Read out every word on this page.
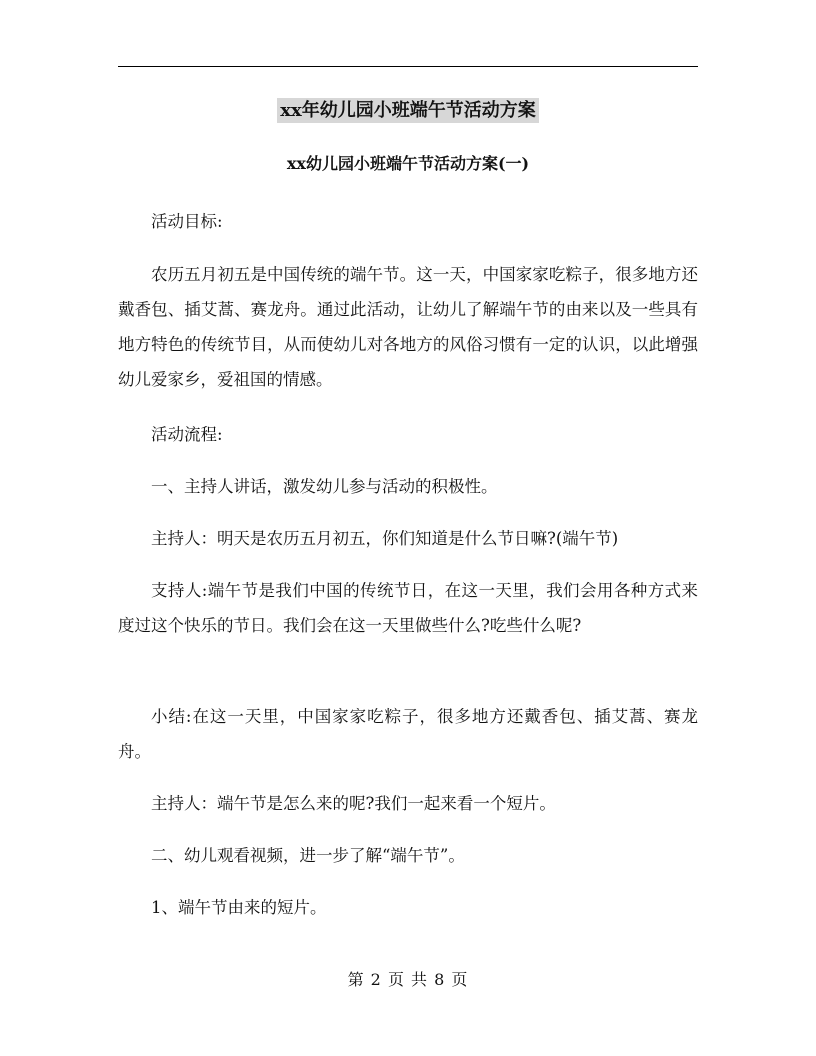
xx年幼儿园小班端午节活动方案
xx幼儿园小班端午节活动方案(一)

活动目标:

农历五月初五是中国传统的端午节。这一天，中国家家吃粽子，很多地方还戴香包、插艾蒿、赛龙舟。通过此活动，让幼儿了解端午节的由来以及一些具有地方特色的传统节目，从而使幼儿对各地方的风俗习惯有一定的认识，以此增强幼儿爱家乡，爱祖国的情感。

活动流程:

一、主持人讲话，激发幼儿参与活动的积极性。

主持人：明天是农历五月初五，你们知道是什么节日嘛?(端午节)

支持人:端午节是我们中国的传统节日，在这一天里，我们会用各种方式来度过这个快乐的节日。我们会在这一天里做些什么?吃些什么呢?

小结:在这一天里，中国家家吃粽子，很多地方还戴香包、插艾蒿、赛龙舟。

主持人：端午节是怎么来的呢?我们一起来看一个短片。

二、幼儿观看视频，进一步了解“端午节”。

1、端午节由来的短片。

第 2 页 共 8 页
